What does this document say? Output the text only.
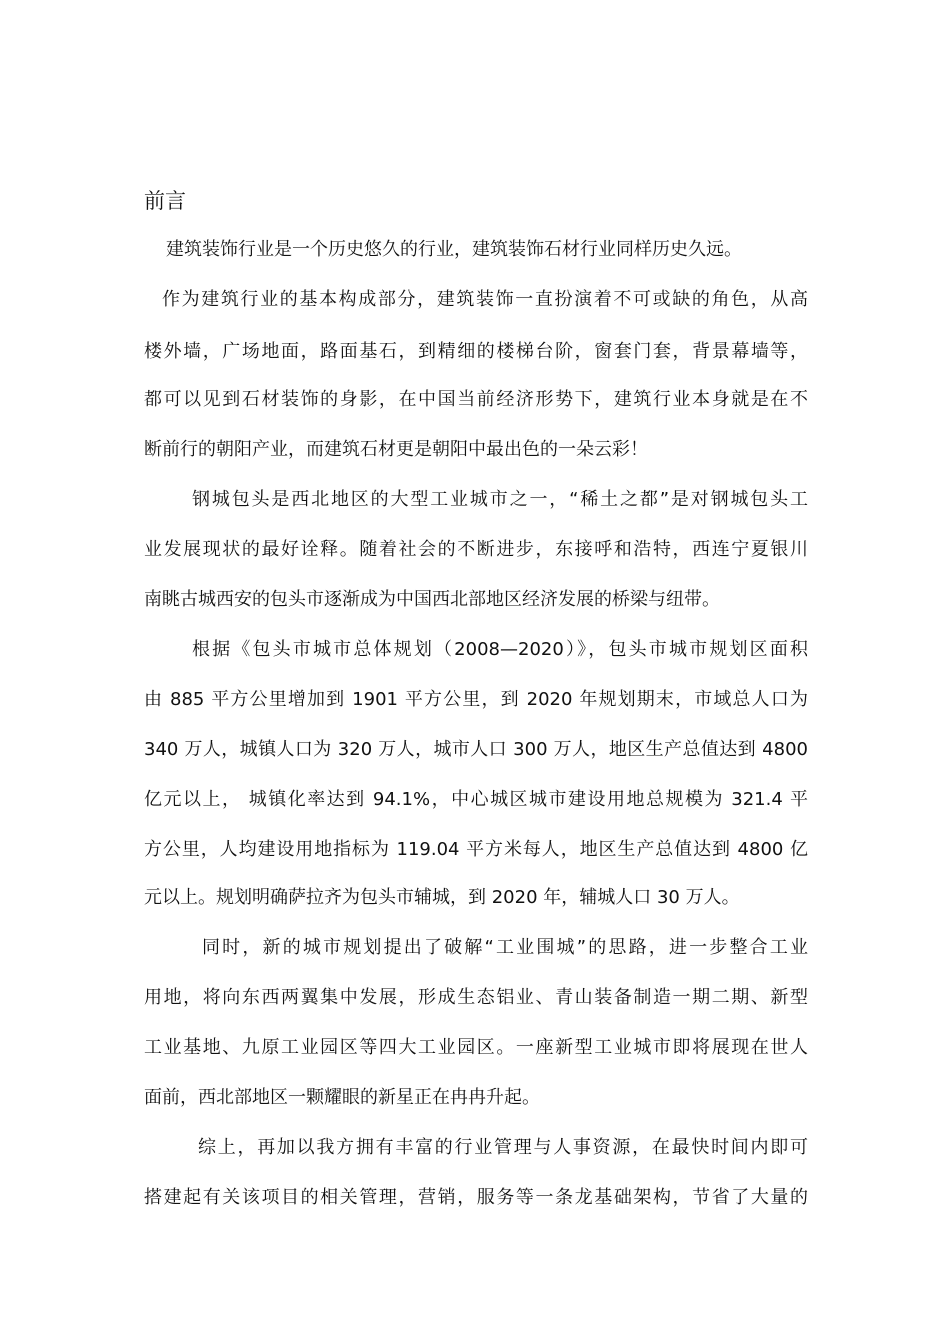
前言
建筑装饰行业是一个历史悠久的行业，建筑装饰石材行业同样历史久远。
作为建筑行业的基本构成部分，建筑装饰一直扮演着不可或缺的角色，从高
楼外墙，广场地面，路面基石，到精细的楼梯台阶，窗套门套，背景幕墙等，
都可以见到石材装饰的身影，在中国当前经济形势下，建筑行业本身就是在不
断前行的朝阳产业，而建筑石材更是朝阳中最出色的一朵云彩！
钢城包头是西北地区的大型工业城市之一，“稀土之都”是对钢城包头工
业发展现状的最好诠释。随着社会的不断进步，东接呼和浩特，西连宁夏银川
南眺古城西安的包头市逐渐成为中国西北部地区经济发展的桥梁与纽带。
根据《包头市城市总体规划（2008—2020）》，包头市城市规划区面积
由 885 平方公里增加到 1901 平方公里，到 2020 年规划期末，市域总人口为
340 万人，城镇人口为 320 万人，城市人口 300 万人，地区生产总值达到 4800
亿元以上， 城镇化率达到 94.1%，中心城区城市建设用地总规模为 321.4 平
方公里，人均建设用地指标为 119.04 平方米每人，地区生产总值达到 4800 亿
元以上。规划明确萨拉齐为包头市辅城，到 2020 年，辅城人口 30 万人。
同时，新的城市规划提出了破解“工业围城”的思路，进一步整合工业
用地，将向东西两翼集中发展，形成生态铝业、青山装备制造一期二期、新型
工业基地、九原工业园区等四大工业园区。一座新型工业城市即将展现在世人
面前，西北部地区一颗耀眼的新星正在冉冉升起。
综上，再加以我方拥有丰富的行业管理与人事资源，在最快时间内即可
搭建起有关该项目的相关管理，营销，服务等一条龙基础架构，节省了大量的
